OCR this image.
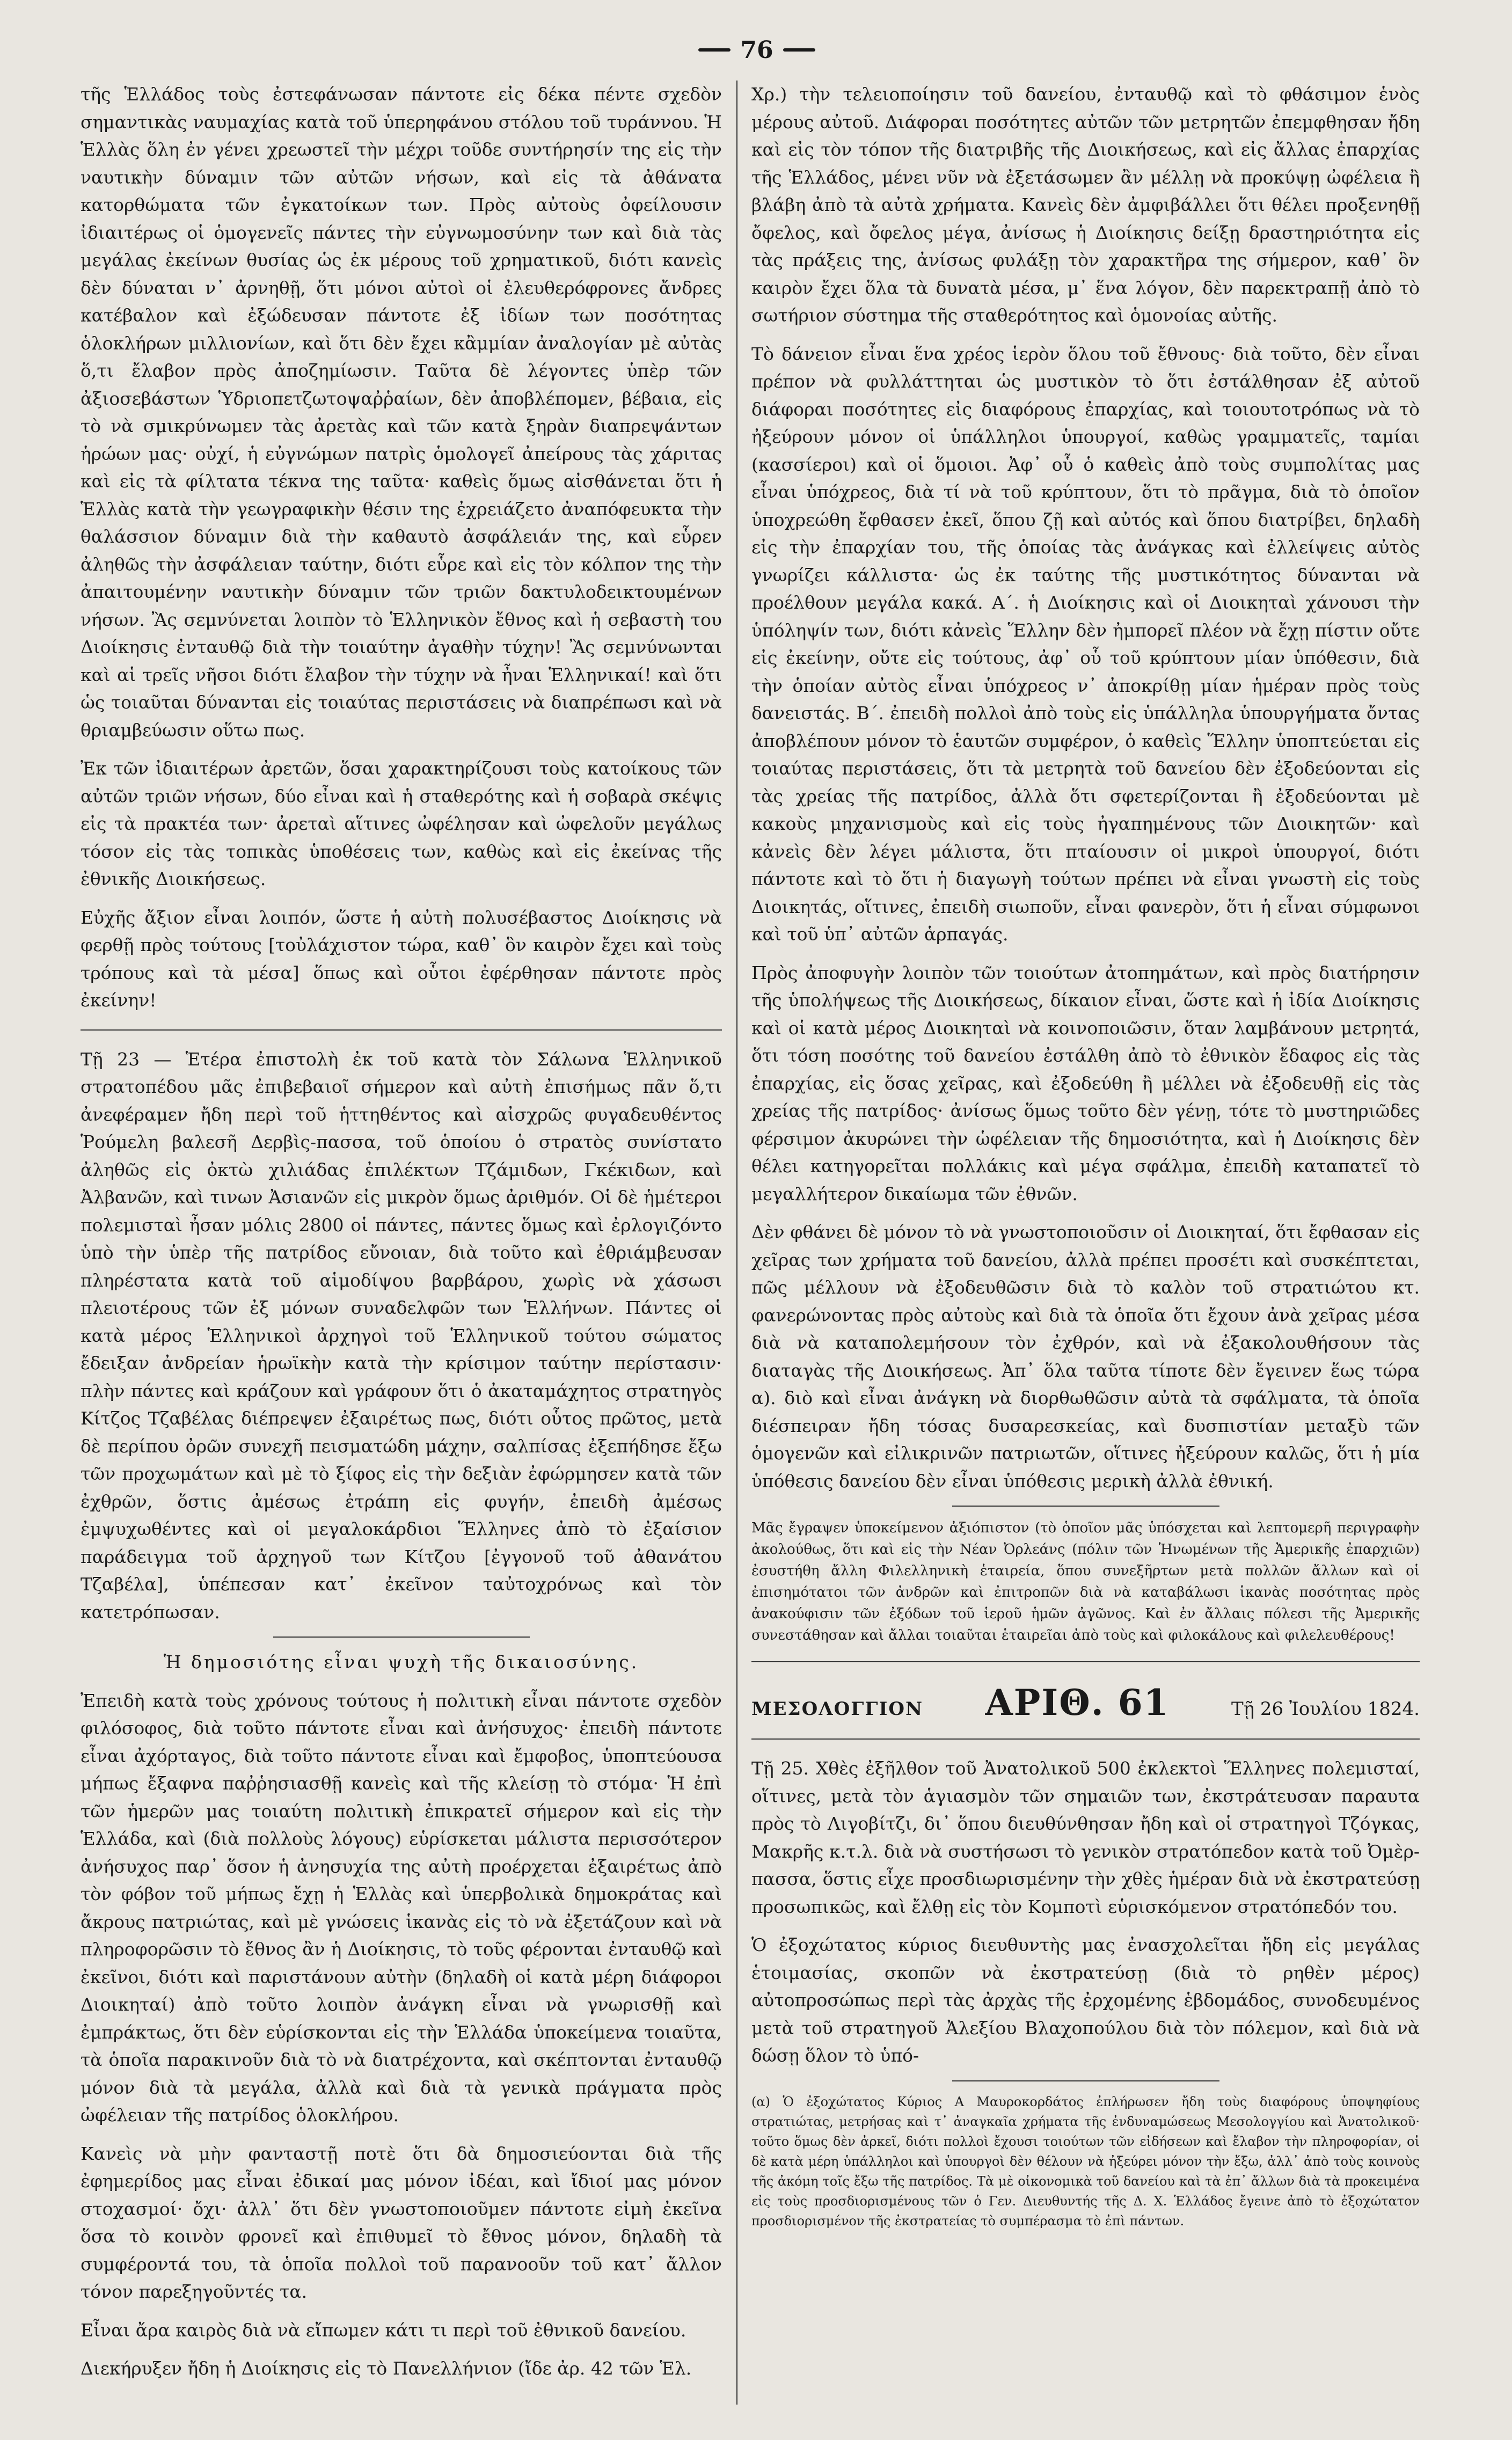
76

τῆς Ἑλλάδος τοὺς ἐστεφάνωσαν πάντοτε εἰς δέκα πέντε σχεδὸν σημαντικὰς ναυμαχίας κατὰ τοῦ ὑπερηφάνου στόλου τοῦ τυράννου. Ἡ Ἑλλὰς ὅλη ἐν γένει χρεωστεῖ τὴν μέχρι τοῦδε συντήρησίν της εἰς τὴν ναυτικὴν δύναμιν τῶν αὐτῶν νήσων, καὶ εἰς τὰ ἀθάνατα κατορθώματα τῶν ἐγκατοίκων των. Πρὸς αὐτοὺς ὀφείλουσιν ἰδιαιτέρως οἱ ὁμογενεῖς πάντες τὴν εὐγνωμοσύνην των καὶ διὰ τὰς μεγάλας ἐκείνων θυσίας ὡς ἐκ μέρους τοῦ χρηματικοῦ, διότι κανεὶς δὲν δύναται ν᾿ ἀρνηθῇ, ὅτι μόνοι αὐτοὶ οἱ ἐλευθερόφρονες ἄνδρες κατέβαλον καὶ ἐξώδευσαν πάντοτε ἐξ ἰδίων των ποσότητας ὁλοκλήρων μιλλιονίων, καὶ ὅτι δὲν ἔχει κἂμμίαν ἀναλογίαν μὲ αὐτὰς ὅ,τι ἔλαβον πρὸς ἀποζημίωσιν. Ταῦτα δὲ λέγοντες ὑπὲρ τῶν ἀξιοσεβάστων Ὑδριοπετζωτοψαῤῥαίων, δὲν ἀποβλέπομεν, βέβαια, εἰς τὸ νὰ σμικρύνωμεν τὰς ἀρετὰς καὶ τῶν κατὰ ξηρὰν διαπρεψάντων ἡρώων μας· οὐχί, ἡ εὐγνώμων πατρὶς ὁμολογεῖ ἀπείρους τὰς χάριτας καὶ εἰς τὰ φίλτατα τέκνα της ταῦτα· καθεὶς ὅμως αἰσθάνεται ὅτι ἡ Ἑλλὰς κατὰ τὴν γεωγραφικὴν θέσιν της ἐχρειάζετο ἀναπόφευκτα τὴν θαλάσσιον δύναμιν διὰ τὴν καθαυτὸ ἀσφάλειάν της, καὶ εὗρεν ἀληθῶς τὴν ἀσφάλειαν ταύτην, διότι εὗρε καὶ εἰς τὸν κόλπον της τὴν ἀπαιτουμένην ναυτικὴν δύναμιν τῶν τριῶν δακτυλοδεικτουμένων νήσων. Ἂς σεμνύνεται λοιπὸν τὸ Ἑλληνικὸν ἔθνος καὶ ἡ σεβαστὴ του Διοίκησις ἐνταυθῷ διὰ τὴν τοιαύτην ἀγαθὴν τύχην! Ἂς σεμνύνωνται καὶ αἱ τρεῖς νῆσοι διότι ἔλαβον τὴν τύχην νὰ ἦναι Ἑλληνικαί! καὶ ὅτι ὡς τοιαῦται δύνανται εἰς τοιαύτας περιστάσεις νὰ διαπρέπωσι καὶ νὰ θριαμβεύωσιν οὕτω πως.

Ἐκ τῶν ἰδιαιτέρων ἀρετῶν, ὅσαι χαρακτηρίζουσι τοὺς κατοίκους τῶν αὐτῶν τριῶν νήσων, δύο εἶναι καὶ ἡ σταθερότης καὶ ἡ σοβαρὰ σκέψις εἰς τὰ πρακτέα των· ἀρεταὶ αἵτινες ὠφέλησαν καὶ ὠφελοῦν μεγάλως τόσον εἰς τὰς τοπικὰς ὑποθέσεις των, καθὼς καὶ εἰς ἐκείνας τῆς ἐθνικῆς Διοικήσεως.

Εὐχῆς ἄξιον εἶναι λοιπόν, ὥστε ἡ αὐτὴ πολυσέβαστος Διοίκησις νὰ φερθῇ πρὸς τούτους [τοὐλάχιστον τώρα, καθ᾿ ὃν καιρὸν ἔχει καὶ τοὺς τρόπους καὶ τὰ μέσα] ὅπως καὶ οὗτοι ἐφέρθησαν πάντοτε πρὸς ἐκείνην!

Τῇ 23 — Ἑτέρα ἐπιστολὴ ἐκ τοῦ κατὰ τὸν Σάλωνα Ἑλληνικοῦ στρατοπέδου μᾶς ἐπιβεβαιοῖ σήμερον καὶ αὐτὴ ἐπισήμως πᾶν ὅ,τι ἀνεφέραμεν ἤδη περὶ τοῦ ἡττηθέντος καὶ αἰσχρῶς φυγαδευθέντος Ῥούμελη βαλεσῆ Δερβὶς-πασσα, τοῦ ὁποίου ὁ στρατὸς συνίστατο ἀληθῶς εἰς ὀκτὼ χιλιάδας ἐπιλέκτων Τζάμιδων, Γκέκιδων, καὶ Ἀλβανῶν, καὶ τινων Ἀσιανῶν εἰς μικρὸν ὅμως ἀριθμόν. Οἱ δὲ ἡμέτεροι πολεμισταὶ ἦσαν μόλις 2800 οἱ πάντες, πάντες ὅμως καὶ ἐρλογιζόντο ὑπὸ τὴν ὑπὲρ τῆς πατρίδος εὔνοιαν, διὰ τοῦτο καὶ ἐθριάμβευσαν πληρέστατα κατὰ τοῦ αἱμοδίψου βαρβάρου, χωρὶς νὰ χάσωσι πλειοτέρους τῶν ἐξ μόνων συναδελφῶν των Ἑλλήνων. Πάντες οἱ κατὰ μέρος Ἑλληνικοὶ ἀρχηγοὶ τοῦ Ἑλληνικοῦ τούτου σώματος ἔδειξαν ἀνδρείαν ἡρωϊκὴν κατὰ τὴν κρίσιμον ταύτην περίστασιν· πλὴν πάντες καὶ κράζουν καὶ γράφουν ὅτι ὁ ἀκαταμάχητος στρατηγὸς Κίτζος Τζαβέλας διέπρεψεν ἐξαιρέτως πως, διότι οὗτος πρῶτος, μετὰ δὲ περίπου ὀρῶν συνεχῆ πεισματώδη μάχην, σαλπίσας ἐξεπήδησε ἔξω τῶν προχωμάτων καὶ μὲ τὸ ξίφος εἰς τὴν δεξιὰν ἐφώρμησεν κατὰ τῶν ἐχθρῶν, ὅστις ἀμέσως ἐτράπη εἰς φυγήν, ἐπειδὴ ἀμέσως ἐμψυχωθέντες καὶ οἱ μεγαλοκάρδιοι Ἕλληνες ἀπὸ τὸ ἐξαίσιον παράδειγμα τοῦ ἀρχηγοῦ των Κίτζου [ἐγγονοῦ τοῦ ἀθανάτου Τζαβέλα], ὑπέπεσαν κατ᾿ ἐκεῖνον ταὐτοχρόνως καὶ τὸν κατετρόπωσαν.

Ἡ δημοσιότης εἶναι ψυχὴ τῆς δικαιοσύνης.

Ἐπειδὴ κατὰ τοὺς χρόνους τούτους ἡ πολιτικὴ εἶναι πάντοτε σχεδὸν φιλόσοφος, διὰ τοῦτο πάντοτε εἶναι καὶ ἀνήσυχος· ἐπειδὴ πάντοτε εἶναι ἀχόρταγος, διὰ τοῦτο πάντοτε εἶναι καὶ ἔμφοβος, ὑποπτεύουσα μήπως ἔξαφνα παῤῥησιασθῇ κανεὶς καὶ τῆς κλείσῃ τὸ στόμα· Ἡ ἐπὶ τῶν ἡμερῶν μας τοιαύτη πολιτικὴ ἐπικρατεῖ σήμερον καὶ εἰς τὴν Ἑλλάδα, καὶ (διὰ πολλοὺς λόγους) εὑρίσκεται μάλιστα περισσότερον ἀνήσυχος παρ᾿ ὅσον ἡ ἀνησυχία της αὐτὴ προέρχεται ἐξαιρέτως ἀπὸ τὸν φόβον τοῦ μήπως ἔχῃ ἡ Ἑλλὰς καὶ ὑπερβολικὰ δημοκράτας καὶ ἄκρους πατριώτας, καὶ μὲ γνώσεις ἱκανὰς εἰς τὸ νὰ ἐξετάζουν καὶ νὰ πληροφορῶσιν τὸ ἔθνος ἂν ἡ Διοίκησις, τὸ τοῦς φέρονται ἐνταυθῷ καὶ ἐκεῖνοι, διότι καὶ παριστάνουν αὐτὴν (δηλαδὴ οἱ κατὰ μέρη διάφοροι Διοικηταί) ἀπὸ τοῦτο λοιπὸν ἀνάγκη εἶναι νὰ γνωρισθῇ καὶ ἐμπράκτως, ὅτι δὲν εὑρίσκονται εἰς τὴν Ἑλλάδα ὑποκείμενα τοιαῦτα, τὰ ὁποῖα παρακινοῦν διὰ τὸ νὰ διατρέχοντα, καὶ σκέπτονται ἐνταυθῷ μόνον διὰ τὰ μεγάλα, ἀλλὰ καὶ διὰ τὰ γενικὰ πράγματα πρὸς ὠφέλειαν τῆς πατρίδος ὁλοκλήρου.

Κανεὶς νὰ μὴν φανταστῇ ποτὲ ὅτι δὰ δημοσιεύονται διὰ τῆς ἐφημερίδος μας εἶναι ἐδικαί μας μόνον ἰδέαι, καὶ ἴδιοί μας μόνον στοχασμοί· ὄχι· ἀλλ᾿ ὅτι δὲν γνωστοποιοῦμεν πάντοτε εἰμὴ ἐκεῖνα ὅσα τὸ κοινὸν φρονεῖ καὶ ἐπιθυμεῖ τὸ ἔθνος μόνον, δηλαδὴ τὰ συμφέροντά του, τὰ ὁποῖα πολλοὶ τοῦ παρανοοῦν τοῦ κατ᾿ ἄλλον τόνον παρεξηγοῦντές τα.

Εἶναι ἄρα καιρὸς διὰ νὰ εἴπωμεν κάτι τι περὶ τοῦ ἐθνικοῦ δανείου.

Διεκήρυξεν ἤδη ἡ Διοίκησις εἰς τὸ Πανελλήνιον (ἴδε ἀρ. 42 τῶν Ἑλ.

Χρ.) τὴν τελειοποίησιν τοῦ δανείου, ἐνταυθῷ καὶ τὸ φθάσιμον ἑνὸς μέρους αὐτοῦ. Διάφοραι ποσότητες αὐτῶν τῶν μετρητῶν ἐπεμφθησαν ἤδη καὶ εἰς τὸν τόπον τῆς διατριβῆς τῆς Διοικήσεως, καὶ εἰς ἄλλας ἐπαρχίας τῆς Ἑλλάδος, μένει νῦν νὰ ἐξετάσωμεν ἂν μέλλῃ νὰ προκύψῃ ὠφέλεια ἢ βλάβη ἀπὸ τὰ αὐτὰ χρήματα. Κανεὶς δὲν ἀμφιβάλλει ὅτι θέλει προξενηθῇ ὄφελος, καὶ ὄφελος μέγα, ἀνίσως ἡ Διοίκησις δείξῃ δραστηριότητα εἰς τὰς πράξεις της, ἀνίσως φυλάξῃ τὸν χαρακτῆρα της σήμερον, καθ᾿ ὃν καιρὸν ἔχει ὅλα τὰ δυνατὰ μέσα, μ᾿ ἕνα λόγον, δὲν παρεκτραπῇ ἀπὸ τὸ σωτήριον σύστημα τῆς σταθερότητος καὶ ὁμονοίας αὐτῆς.

Τὸ δάνειον εἶναι ἕνα χρέος ἱερὸν ὅλου τοῦ ἔθνους· διὰ τοῦτο, δὲν εἶναι πρέπον νὰ φυλλάττηται ὡς μυστικὸν τὸ ὅτι ἐστάλθησαν ἐξ αὐτοῦ διάφοραι ποσότητες εἰς διαφόρους ἐπαρχίας, καὶ τοιουτοτρόπως νὰ τὸ ἠξεύρουν μόνον οἱ ὑπάλληλοι ὑπουργοί, καθὼς γραμματεῖς, ταμίαι (κασσίεροι) καὶ οἱ ὅμοιοι. Ἀφ᾿ οὗ ὁ καθεὶς ἀπὸ τοὺς συμπολίτας μας εἶναι ὑπόχρεος, διὰ τί νὰ τοῦ κρύπτουν, ὅτι τὸ πρᾶγμα, διὰ τὸ ὁποῖον ὑποχρεώθη ἔφθασεν ἐκεῖ, ὅπου ζῇ καὶ αὐτός καὶ ὅπου διατρίβει, δηλαδὴ εἰς τὴν ἐπαρχίαν του, τῆς ὁποίας τὰς ἀνάγκας καὶ ἐλλείψεις αὐτὸς γνωρίζει κάλλιστα· ὡς ἐκ ταύτης τῆς μυστικότητος δύνανται νὰ προέλθουν μεγάλα κακά. Α΄. ἡ Διοίκησις καὶ οἱ Διοικηταὶ χάνουσι τὴν ὑπόληψίν των, διότι κἀνεὶς Ἕλλην δὲν ἠμπορεῖ πλέον νὰ ἔχῃ πίστιν οὔτε εἰς ἐκείνην, οὔτε εἰς τούτους, ἀφ᾿ οὗ τοῦ κρύπτουν μίαν ὑπόθεσιν, διὰ τὴν ὁποίαν αὐτὸς εἶναι ὑπόχρεος ν᾿ ἀποκρίθῃ μίαν ἡμέραν πρὸς τοὺς δανειστάς. Β΄. ἐπειδὴ πολλοὶ ἀπὸ τοὺς εἰς ὑπάλληλα ὑπουργήματα ὄντας ἀποβλέπουν μόνον τὸ ἑαυτῶν συμφέρον, ὁ καθεὶς Ἕλλην ὑποπτεύεται εἰς τοιαύτας περιστάσεις, ὅτι τὰ μετρητὰ τοῦ δανείου δὲν ἐξοδεύονται εἰς τὰς χρείας τῆς πατρίδος, ἀλλὰ ὅτι σφετερίζονται ἢ ἐξοδεύονται μὲ κακοὺς μηχανισμοὺς καὶ εἰς τοὺς ἠγαπημένους τῶν Διοικητῶν· καὶ κἀνεὶς δὲν λέγει μάλιστα, ὅτι πταίουσιν οἱ μικροὶ ὑπουργοί, διότι πάντοτε καὶ τὸ ὅτι ἡ διαγωγὴ τούτων πρέπει νὰ εἶναι γνωστὴ εἰς τοὺς Διοικητάς, οἵτινες, ἐπειδὴ σιωποῦν, εἶναι φανερὸν, ὅτι ἡ εἶναι σύμφωνοι καὶ τοῦ ὑπ᾿ αὐτῶν ἁρπαγάς.

Πρὸς ἀποφυγὴν λοιπὸν τῶν τοιούτων ἀτοπημάτων, καὶ πρὸς διατήρησιν τῆς ὑπολήψεως τῆς Διοικήσεως, δίκαιον εἶναι, ὥστε καὶ ἡ ἰδία Διοίκησις καὶ οἱ κατὰ μέρος Διοικηταὶ νὰ κοινοποιῶσιν, ὅταν λαμβάνουν μετρητά, ὅτι τόση ποσότης τοῦ δανείου ἐστάλθη ἀπὸ τὸ ἐθνικὸν ἔδαφος εἰς τὰς ἐπαρχίας, εἰς ὅσας χεῖρας, καὶ ἐξοδεύθη ἢ μέλλει νὰ ἐξοδευθῇ εἰς τὰς χρείας τῆς πατρίδος· ἀνίσως ὅμως τοῦτο δὲν γένῃ, τότε τὸ μυστηριῶδες φέρσιμον ἀκυρώνει τὴν ὡφέλειαν τῆς δημοσιότητα, καὶ ἡ Διοίκησις δὲν θέλει κατηγορεῖται πολλάκις καὶ μέγα σφάλμα, ἐπειδὴ καταπατεῖ τὸ μεγαλλήτερον δικαίωμα τῶν ἐθνῶν.

Δὲν φθάνει δὲ μόνον τὸ νὰ γνωστοποιοῦσιν οἱ Διοικηταί, ὅτι ἔφθασαν εἰς χεῖρας των χρήματα τοῦ δανείου, ἀλλὰ πρέπει προσέτι καὶ συσκέπτεται, πῶς μέλλουν νὰ ἐξοδευθῶσιν διὰ τὸ καλὸν τοῦ στρατιώτου κτ. φανερώνοντας πρὸς αὐτοὺς καὶ διὰ τὰ ὁποῖα ὅτι ἔχουν ἀνὰ χεῖρας μέσα διὰ νὰ καταπολεμήσουν τὸν ἐχθρόν, καὶ νὰ ἐξακολουθήσουν τὰς διαταγὰς τῆς Διοικήσεως. Ἀπ᾿ ὅλα ταῦτα τίποτε δὲν ἔγεινεν ἕως τώρα α). διὸ καὶ εἶναι ἀνάγκη νὰ διορθωθῶσιν αὐτὰ τὰ σφάλματα, τὰ ὁποῖα διέσπειραν ἤδη τόσας δυσαρεσκείας, καὶ δυσπιστίαν μεταξὺ τῶν ὁμογενῶν καὶ εἰλικρινῶν πατριωτῶν, οἵτινες ἠξεύρουν καλῶς, ὅτι ἡ μία ὑπόθεσις δανείου δὲν εἶναι ὑπόθεσις μερικὴ ἀλλὰ ἐθνική.

Μᾶς ἔγραψεν ὑποκείμενον ἀξιόπιστον (τὸ ὁποῖον μᾶς ὑπόσχεται καὶ λεπτομερῆ περιγραφὴν ἀκολούθως, ὅτι καὶ εἰς τὴν Νέαν Ὀρλεάνς (πόλιν τῶν Ἡνωμένων τῆς Ἀμερικῆς ἐπαρχιῶν) ἐσυστήθη ἄλλη Φιλελληνικὴ ἑταιρεία, ὅπου συνεξῆρτων μετὰ πολλῶν ἄλλων καὶ οἱ ἐπισημότατοι τῶν ἀνδρῶν καὶ ἐπιτροπῶν διὰ νὰ καταβάλωσι ἱκανὰς ποσότητας πρὸς ἀνακούφισιν τῶν ἐξόδων τοῦ ἱεροῦ ἡμῶν ἀγῶνος. Καὶ ἐν ἄλλαις πόλεσι τῆς Ἀμερικῆς συνεστάθησαν καὶ ἄλλαι τοιαῦται ἑταιρεῖαι ἀπὸ τοὺς καὶ φιλοκάλους καὶ φιλελευθέρους!

ΜΕΣΟΛΟΓΓΙΟΝ ΑΡΙΘ. 61	Τῇ 26 Ἰουλίου 1824.

Τῇ 25. Χθὲς ἐξῆλθον τοῦ Ἀνατολικοῦ 500 ἐκλεκτοὶ Ἕλληνες πολεμισταί, οἵτινες, μετὰ τὸν ἁγιασμὸν τῶν σημαιῶν των, ἐκστράτευσαν παραυτα πρὸς τὸ Λιγοβίτζι, δι᾿ ὅπου διευθύνθησαν ἤδη καὶ οἱ στρατηγοὶ Τζόγκας, Μακρῆς κ.τ.λ. διὰ νὰ συστήσωσι τὸ γενικὸν στρατόπεδον κατὰ τοῦ Ὀμὲρ-πασσα, ὅστις εἶχε προσδιωρισμένην τὴν χθὲς ἡμέραν διὰ νὰ ἐκστρατεύσῃ προσωπικῶς, καὶ ἔλθῃ εἰς τὸν Κομποτὶ εὑρισκόμενον στρατόπεδόν του.

Ὁ ἐξοχώτατος κύριος διευθυντὴς μας ἐνασχολεῖται ἤδη εἰς μεγάλας ἑτοιμασίας, σκοπῶν νὰ ἐκστρατεύσῃ (διὰ τὸ ρηθὲν μέρος) αὐτοπροσώπως περὶ τὰς ἀρχὰς τῆς ἐρχομένης ἑβδομάδος, συνοδευμένος μετὰ τοῦ στρατηγοῦ Ἀλεξίου Βλαχοπούλου διὰ τὸν πόλεμον, καὶ διὰ νὰ δώσῃ ὅλον τὸ ὑπό-

(α) Ὁ ἐξοχώτατος Κύριος Α Μαυροκορδάτος ἐπλήρωσεν ἤδη τοὺς διαφόρους ὑποψηφίους στρατιώτας, μετρήσας καὶ τ᾿ ἀναγκαῖα χρήματα τῆς ἐνδυναμώσεως Μεσολογγίου καὶ Ἀνατολικοῦ· τοῦτο ὅμως δὲν ἀρκεῖ, διότι πολλοὶ ἔχουσι τοιούτων τῶν εἰδήσεων καὶ ἔλαβον τὴν πληροφορίαν, οἱ δὲ κατὰ μέρη ὑπάλληλοι καὶ ὑπουργοὶ δὲν θέλουν νὰ ἠξεύρει μόνον τὴν ἔξω, ἀλλ᾿ ἀπὸ τοὺς κοινοὺς τῆς ἀκόμη τοῖς ἔξω τῆς πατρίδος. Τὰ μὲ οἰκονομικὰ τοῦ δανείου καὶ τὰ ἐπ᾿ ἄλλων διὰ τὰ προκειμένα εἰς τοὺς προσδιορισμένους τῶν ὁ Γεν. Διευθυντής τῆς Δ. Χ. Ἑλλάδος ἔγεινε ἀπὸ τὸ ἐξοχώτατον προσδιορισμένον τῆς ἐκστρατείας τὸ συμπέρασμα τὸ ἐπὶ πάντων.
